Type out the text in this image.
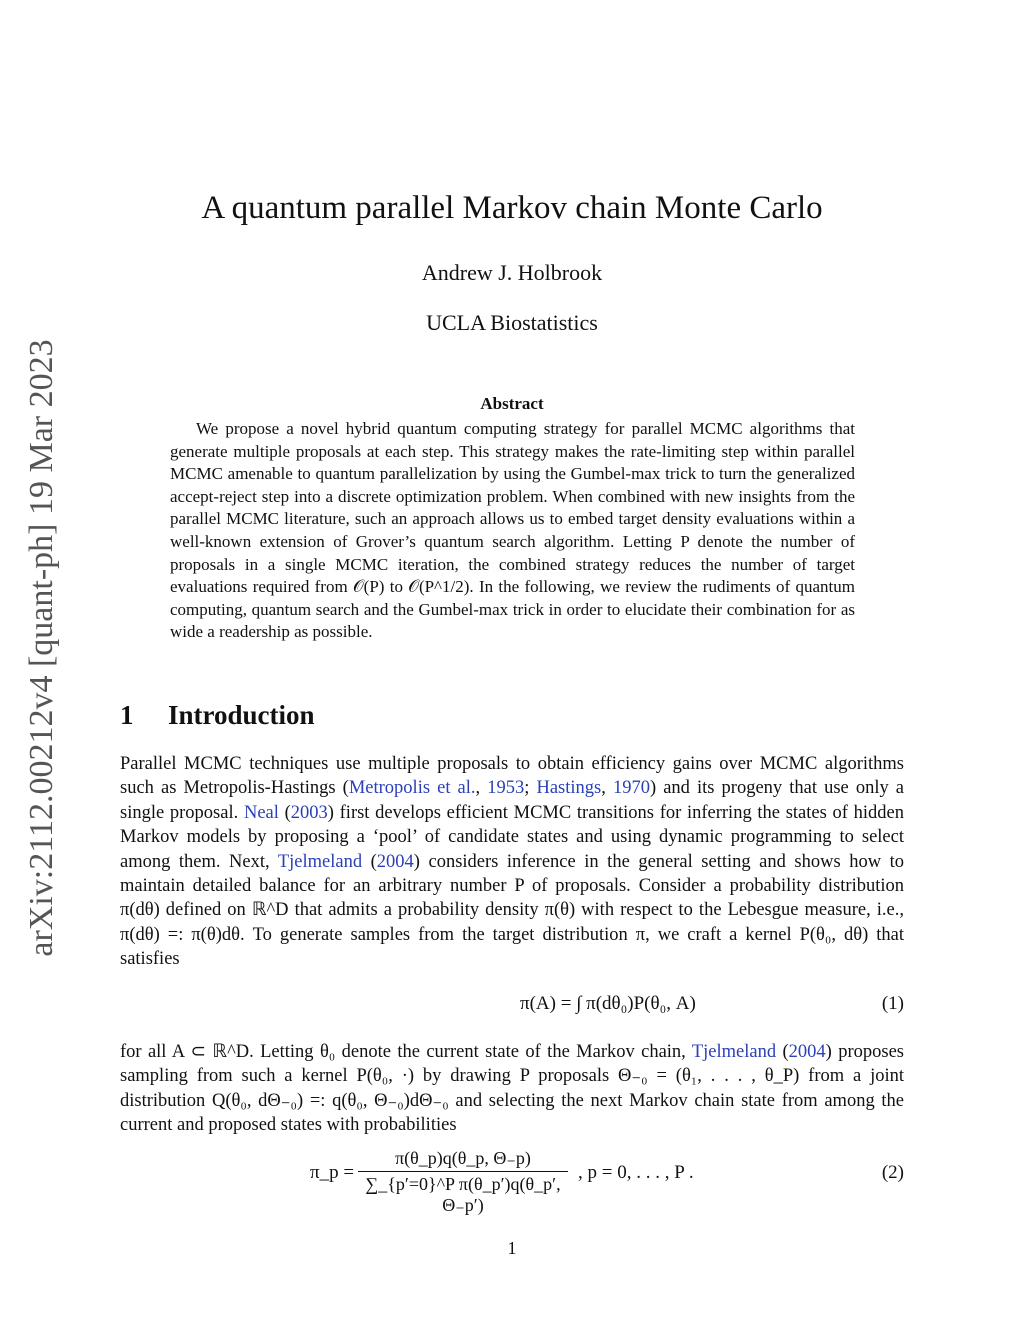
arXiv:2112.00212v4 [quant-ph] 19 Mar 2023
A quantum parallel Markov chain Monte Carlo
Andrew J. Holbrook
UCLA Biostatistics
Abstract

We propose a novel hybrid quantum computing strategy for parallel MCMC algorithms that generate multiple proposals at each step. This strategy makes the rate-limiting step within parallel MCMC amenable to quantum parallelization by using the Gumbel-max trick to turn the generalized accept-reject step into a discrete optimization problem. When combined with new insights from the parallel MCMC literature, such an approach allows us to embed target density evaluations within a well-known extension of Grover’s quantum search algorithm. Letting P denote the number of proposals in a single MCMC iteration, the combined strategy reduces the number of target evaluations required from 𝒪(P) to 𝒪(P^1/2). In the following, we review the rudiments of quantum computing, quantum search and the Gumbel-max trick in order to elucidate their combination for as wide a readership as possible.

1 Introduction

Parallel MCMC techniques use multiple proposals to obtain efficiency gains over MCMC algorithms such as Metropolis-Hastings (Metropolis et al., 1953; Hastings, 1970) and its progeny that use only a single proposal. Neal (2003) first develops efficient MCMC transitions for inferring the states of hidden Markov models by proposing a ‘pool’ of candidate states and using dynamic programming to select among them. Next, Tjelmeland (2004) considers inference in the general setting and shows how to maintain detailed balance for an arbitrary number P of proposals. Consider a probability distribution π(dθ) defined on ℝ^D that admits a probability density π(θ) with respect to the Lebesgue measure, i.e., π(dθ) =: π(θ)dθ. To generate samples from the target distribution π, we craft a kernel P(θ₀, dθ) that satisfies

π(A) = ∫ π(dθ₀)P(θ₀, A)	(1)

for all A ⊂ ℝ^D. Letting θ₀ denote the current state of the Markov chain, Tjelmeland (2004) proposes sampling from such a kernel P(θ₀, ·) by drawing P proposals Θ₋₀ = (θ₁, . . . , θ_P) from a joint distribution Q(θ₀, dΘ₋₀) =: q(θ₀, Θ₋₀)dΘ₋₀ and selecting the next Markov chain state from among the current and proposed states with probabilities

π_p = $\frac{\pi(\theta\_p)q(\theta\_p, \Theta_-p)}{\text{∑\_\{p′=0\}\textasciicircum{}P π(θ\_p′)q(θ\_p′, Θ₋p′)}}$ , p = 0, . . . , P .	(2)
1
